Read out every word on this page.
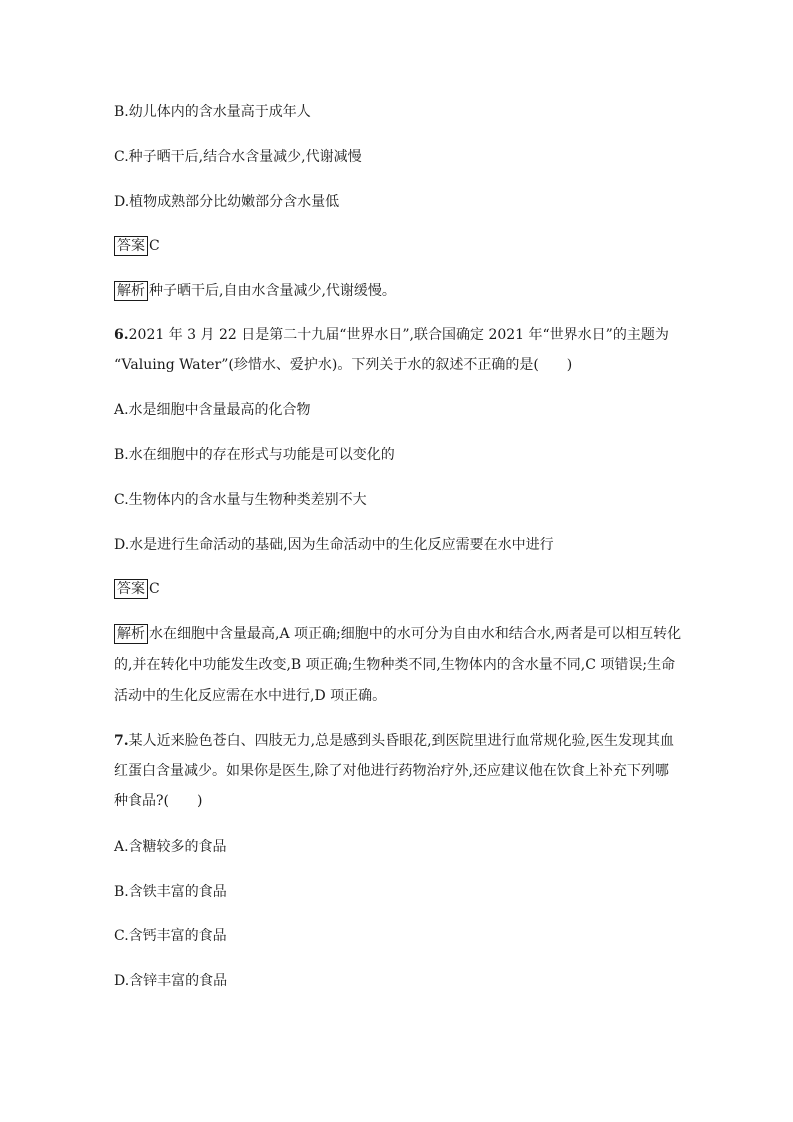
B.幼儿体内的含水量高于成年人
C.种子晒干后,结合水含量减少,代谢减慢
D.植物成熟部分比幼嫩部分含水量低
答案 C
解析 种子晒干后,自由水含量减少,代谢缓慢。
6.2021 年 3 月 22 日是第二十九届“世界水日”,联合国确定 2021 年“世界水日”的主题为
“Valuing Water”(珍惜水、爱护水)。下列关于水的叙述不正确的是(　　)
A.水是细胞中含量最高的化合物
B.水在细胞中的存在形式与功能是可以变化的
C.生物体内的含水量与生物种类差别不大
D.水是进行生命活动的基础,因为生命活动中的生化反应需要在水中进行
答案 C
解析 水在细胞中含量最高,A 项正确;细胞中的水可分为自由水和结合水,两者是可以相互转化
的,并在转化中功能发生改变,B 项正确;生物种类不同,生物体内的含水量不同,C 项错误;生命
活动中的生化反应需在水中进行,D 项正确。
7.某人近来脸色苍白、四肢无力,总是感到头昏眼花,到医院里进行血常规化验,医生发现其血
红蛋白含量减少。如果你是医生,除了对他进行药物治疗外,还应建议他在饮食上补充下列哪
种食品?(　　)
A.含糖较多的食品
B.含铁丰富的食品
C.含钙丰富的食品
D.含锌丰富的食品
